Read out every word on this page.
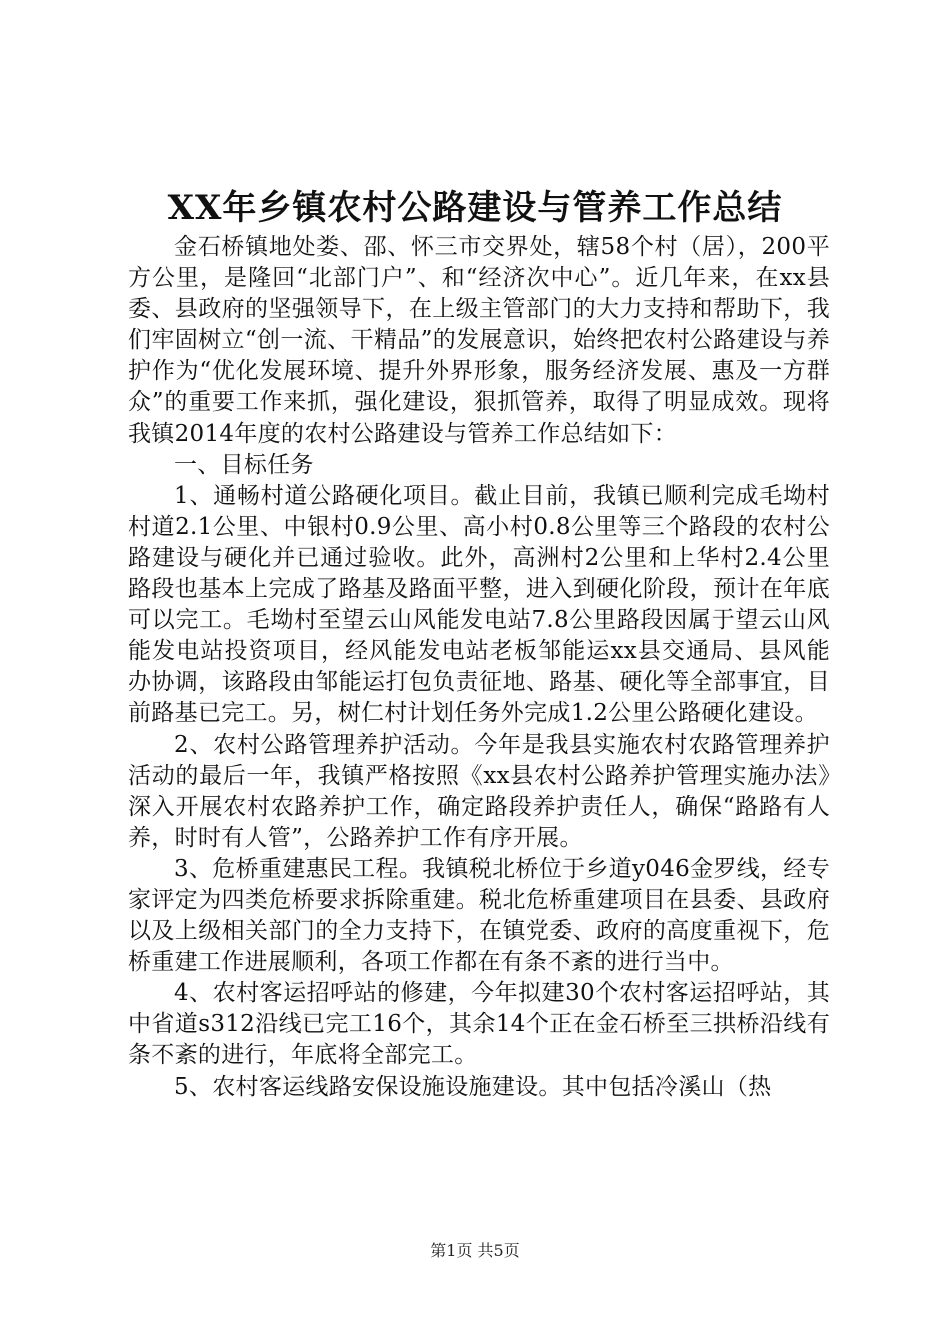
XX年乡镇农村公路建设与管养工作总结

金石桥镇地处娄、邵、怀三市交界处，辖58个村（居），200平方公里，是隆回“北部门户”、和“经济次中心”。近几年来，在xx县委、县政府的坚强领导下，在上级主管部门的大力支持和帮助下，我们牢固树立“创一流、干精品”的发展意识，始终把农村公路建设与养护作为“优化发展环境、提升外界形象，服务经济发展、惠及一方群众”的重要工作来抓，强化建设，狠抓管养，取得了明显成效。现将我镇2014年度的农村公路建设与管养工作总结如下：

一、目标任务

1、通畅村道公路硬化项目。截止目前，我镇已顺利完成毛坳村村道2.1公里、中银村0.9公里、高小村0.8公里等三个路段的农村公路建设与硬化并已通过验收。此外，高洲村2公里和上华村2.4公里路段也基本上完成了路基及路面平整，进入到硬化阶段，预计在年底可以完工。毛坳村至望云山风能发电站7.8公里路段因属于望云山风能发电站投资项目，经风能发电站老板邹能运xx县交通局、县风能办协调，该路段由邹能运打包负责征地、路基、硬化等全部事宜，目前路基已完工。另，树仁村计划任务外完成1.2公里公路硬化建设。

2、农村公路管理养护活动。今年是我县实施农村农路管理养护活动的最后一年，我镇严格按照《xx县农村公路养护管理实施办法》深入开展农村农路养护工作，确定路段养护责任人，确保“路路有人养，时时有人管”，公路养护工作有序开展。

3、危桥重建惠民工程。我镇税北桥位于乡道y046金罗线，经专家评定为四类危桥要求拆除重建。税北危桥重建项目在县委、县政府以及上级相关部门的全力支持下，在镇党委、政府的高度重视下，危桥重建工作进展顺利，各项工作都在有条不紊的进行当中。

4、农村客运招呼站的修建，今年拟建30个农村客运招呼站，其中省道s312沿线已完工16个，其余14个正在金石桥至三拱桥沿线有条不紊的进行，年底将全部完工。

5、农村客运线路安保设施设施建设。其中包括冷溪山（热

第1页 共5页
